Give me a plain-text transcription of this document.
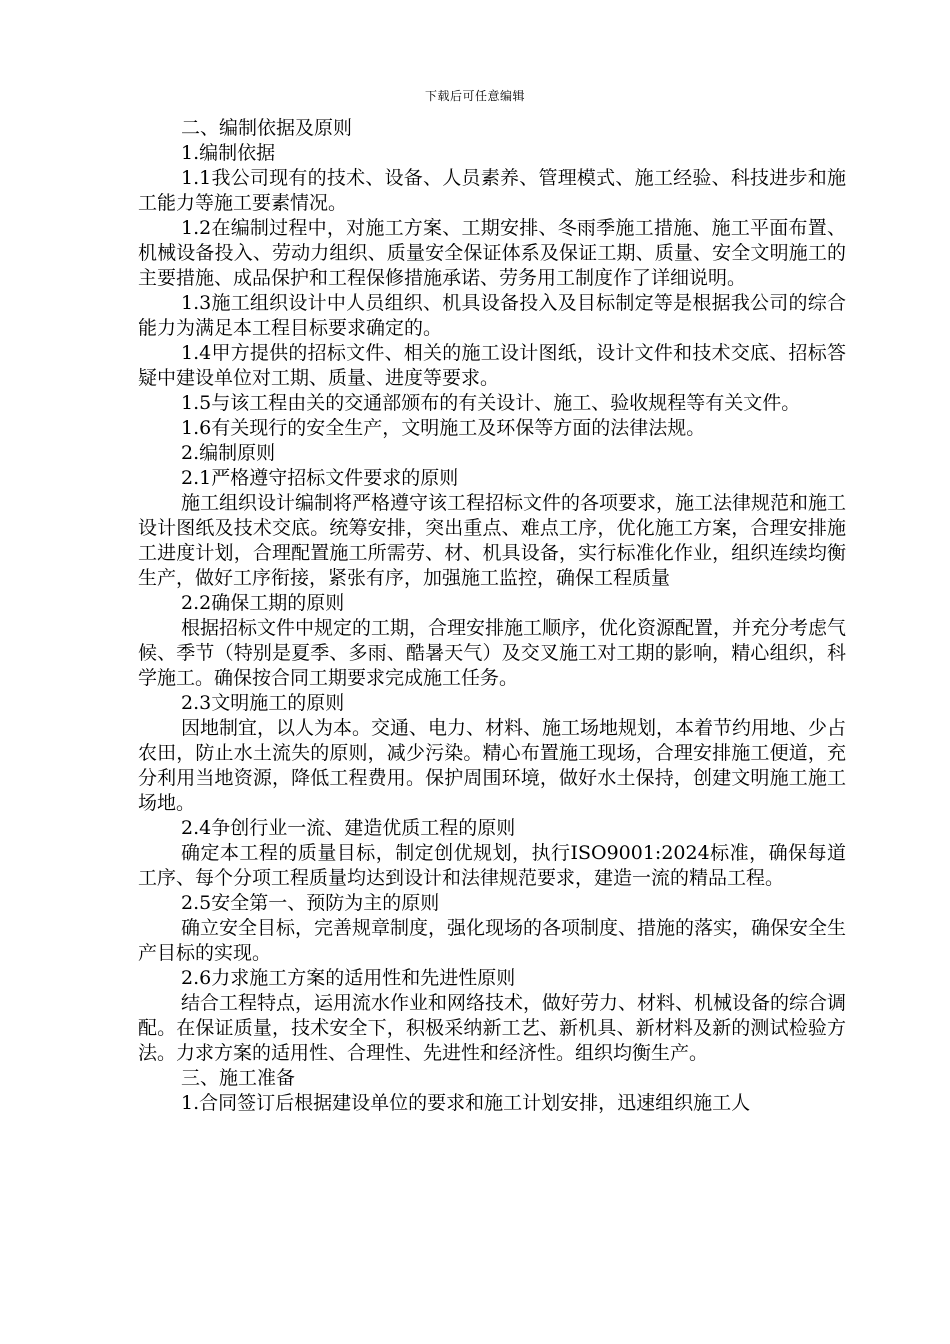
下载后可任意编辑

二、编制依据及原则

1.编制依据

1.1我公司现有的技术、设备、人员素养、管理模式、施工经验、科技进步和施工能力等施工要素情况。

1.2在编制过程中，对施工方案、工期安排、冬雨季施工措施、施工平面布置、机械设备投入、劳动力组织、质量安全保证体系及保证工期、质量、安全文明施工的主要措施、成品保护和工程保修措施承诺、劳务用工制度作了详细说明。

1.3施工组织设计中人员组织、机具设备投入及目标制定等是根据我公司的综合能力为满足本工程目标要求确定的。

1.4甲方提供的招标文件、相关的施工设计图纸，设计文件和技术交底、招标答疑中建设单位对工期、质量、进度等要求。

1.5与该工程由关的交通部颁布的有关设计、施工、验收规程等有关文件。

1.6有关现行的安全生产，文明施工及环保等方面的法律法规。

2.编制原则

2.1严格遵守招标文件要求的原则

施工组织设计编制将严格遵守该工程招标文件的各项要求，施工法律规范和施工设计图纸及技术交底。统筹安排，突出重点、难点工序，优化施工方案，合理安排施工进度计划，合理配置施工所需劳、材、机具设备，实行标准化作业，组织连续均衡生产，做好工序衔接，紧张有序，加强施工监控，确保工程质量

2.2确保工期的原则

根据招标文件中规定的工期，合理安排施工顺序，优化资源配置，并充分考虑气候、季节（特别是夏季、多雨、酷暑天气）及交叉施工对工期的影响，精心组织，科学施工。确保按合同工期要求完成施工任务。

2.3文明施工的原则

因地制宜，以人为本。交通、电力、材料、施工场地规划，本着节约用地、少占农田，防止水土流失的原则，减少污染。精心布置施工现场，合理安排施工便道，充分利用当地资源，降低工程费用。保护周围环境，做好水土保持，创建文明施工施工场地。

2.4争创行业一流、建造优质工程的原则

确定本工程的质量目标，制定创优规划，执行ISO9001:2024标准，确保每道工序、每个分项工程质量均达到设计和法律规范要求，建造一流的精品工程。

2.5安全第一、预防为主的原则

确立安全目标，完善规章制度，强化现场的各项制度、措施的落实，确保安全生产目标的实现。

2.6力求施工方案的适用性和先进性原则

结合工程特点，运用流水作业和网络技术，做好劳力、材料、机械设备的综合调配。在保证质量，技术安全下，积极采纳新工艺、新机具、新材料及新的测试检验方法。力求方案的适用性、合理性、先进性和经济性。组织均衡生产。

三、施工准备

1.合同签订后根据建设单位的要求和施工计划安排，迅速组织施工人
